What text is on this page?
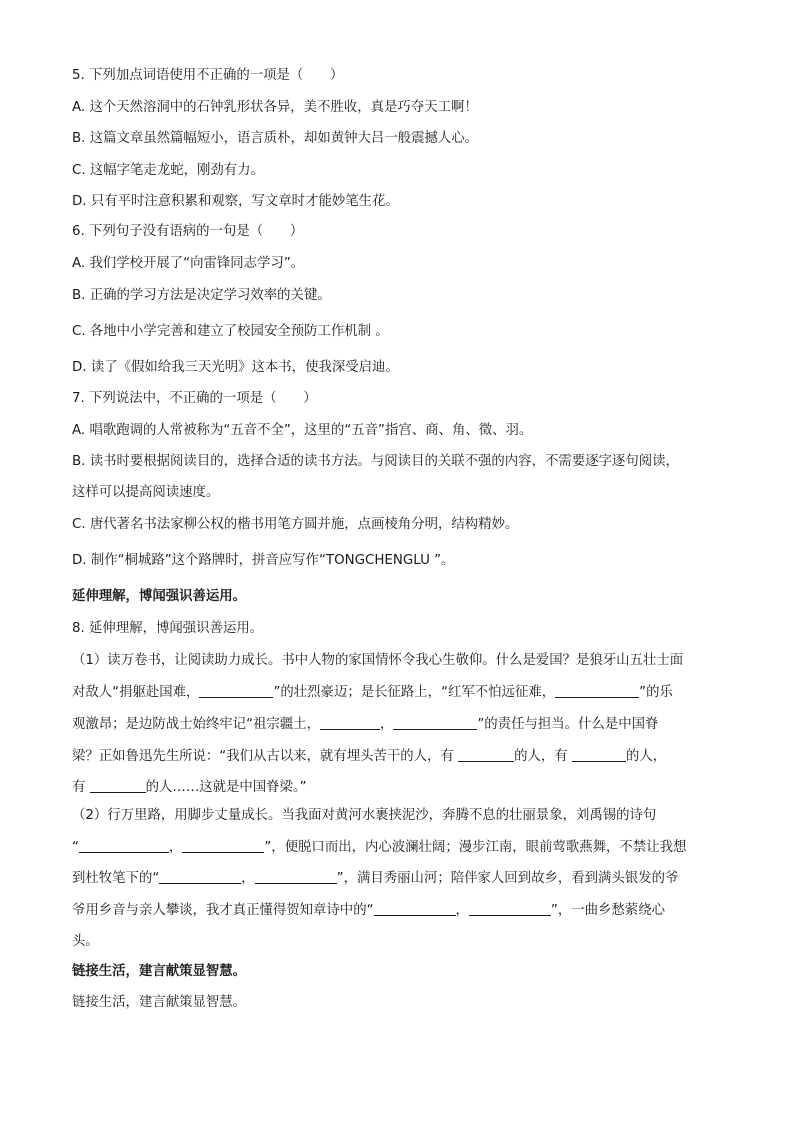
5. 下列加点词语使用不正确的一项是（　　）
A. 这个天然溶洞中的石钟乳形状各异，美不胜收，真是巧夺天工啊！
B. 这篇文章虽然篇幅短小，语言质朴，却如黄钟大吕一般震撼人心。
C. 这幅字笔走龙蛇，刚劲有力。
D. 只有平时注意积累和观察，写文章时才能妙笔生花。
6. 下列句子没有语病的一句是（　　）
A. 我们学校开展了“向雷锋同志学习”。
B. 正确的学习方法是决定学习效率的关键。
C. 各地中小学完善和建立了校园安全预防工作机制 。
D. 读了《假如给我三天光明》这本书，使我深受启迪。
7. 下列说法中，不正确的一项是（　　）
A. 唱歌跑调的人常被称为“五音不全”，这里的“五音”指宫、商、角、徵、羽。
B. 读书时要根据阅读目的，选择合适的读书方法。与阅读目的关联不强的内容，不需要逐字逐句阅读，
这样可以提高阅读速度。
C. 唐代著名书法家柳公权的楷书用笔方圆并施，点画棱角分明，结构精妙。
D. 制作“桐城路”这个路牌时，拼音应写作“TONGCHENGLU ”。
延伸理解，博闻强识善运用。
8. 延伸理解，博闻强识善运用。
（1）读万卷书，让阅读助力成长。书中人物的家国情怀令我心生敬仰。什么是爱国？是狼牙山五壮士面
对敌人“捐躯赴国难，	”的壮烈豪迈；是长征路上，“红军不怕远征难，	”的乐
观激昂；是边防战士始终牢记“祖宗疆土，	，	”的责任与担当。什么是中国脊
梁？正如鲁迅先生所说：“我们从古以来，就有埋头苦干的人，有	的人，有	的人，
有	的人……这就是中国脊梁。”
（2）行万里路，用脚步丈量成长。当我面对黄河水裹挟泥沙，奔腾不息的壮丽景象，刘禹锡的诗句
“	，	”，便脱口而出，内心波澜壮阔；漫步江南，眼前莺歌燕舞，不禁让我想
到杜牧笔下的“	，	”，满目秀丽山河；陪伴家人回到故乡，看到满头银发的爷
爷用乡音与亲人攀谈，我才真正懂得贺知章诗中的“	，	”，一曲乡愁萦绕心
头。
链接生活，建言献策显智慧。
链接生活，建言献策显智慧。
